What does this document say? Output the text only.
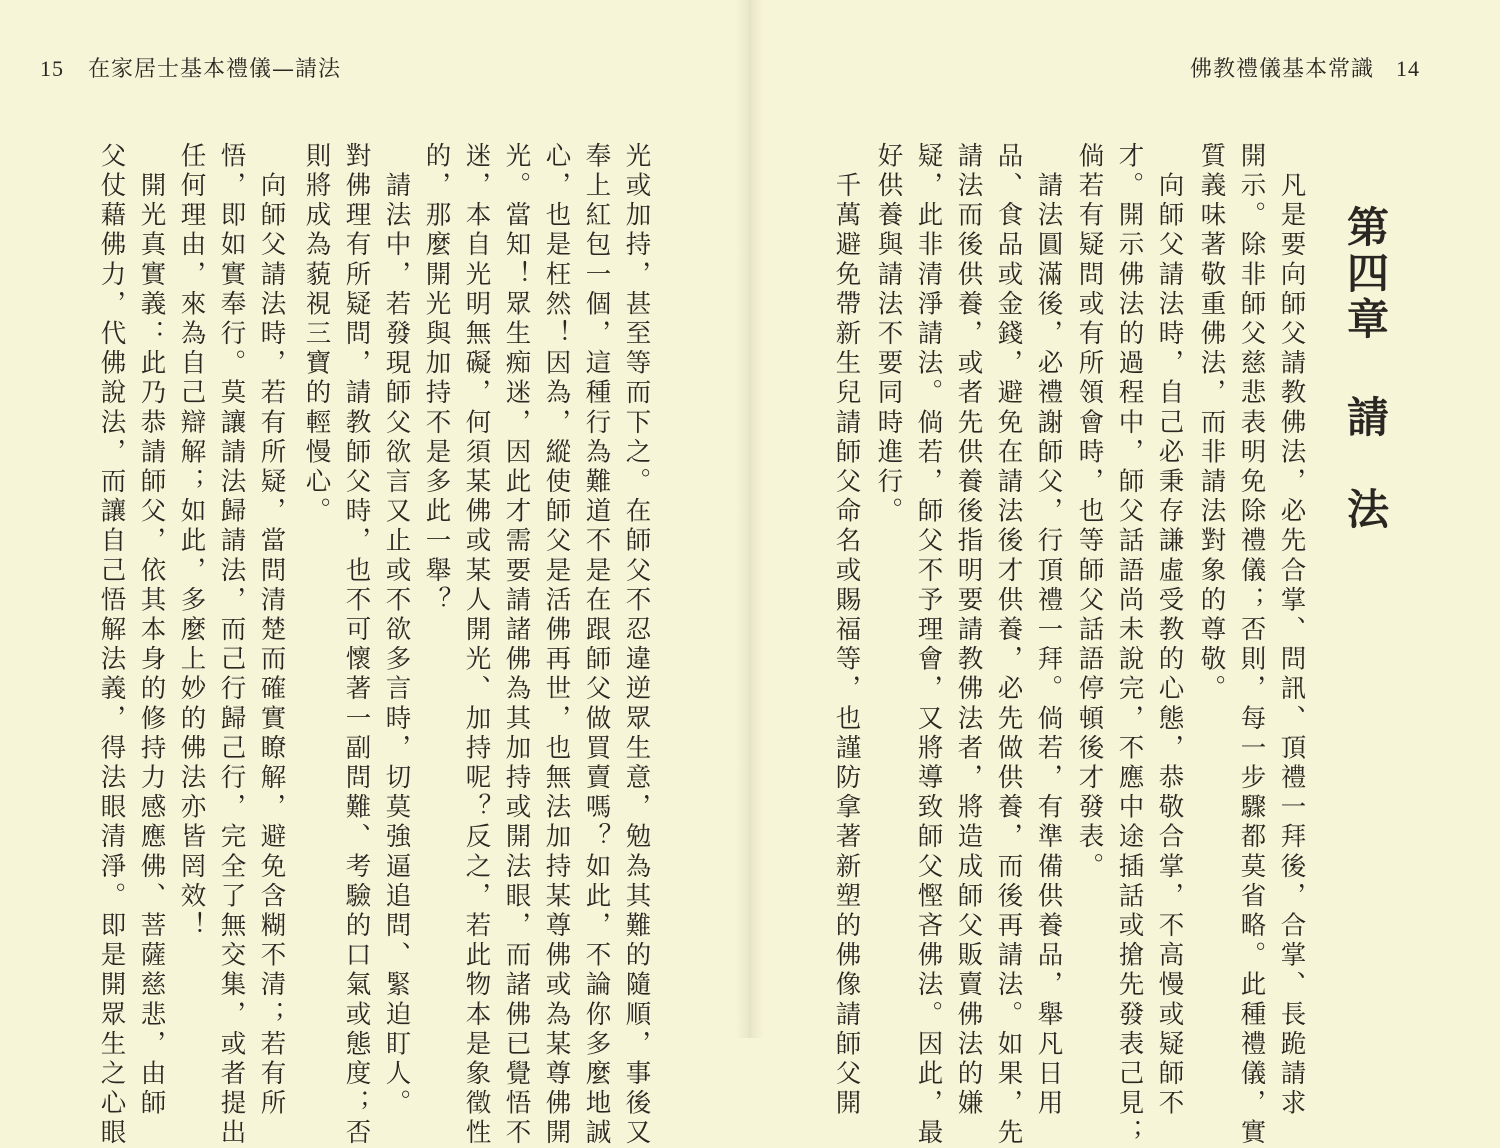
15 在家居士基本禮儀—請法
光或加持，甚至等而下之。在師父不忍違逆眾生意，勉為其難的隨順，事後又
奉上紅包一個，這種行為難道不是在跟師父做買賣嗎？如此，不論你多麼地誠
心，也是枉然！因為，縱使師父是活佛再世，也無法加持某尊佛或為某尊佛開
光。當知！眾生痴迷，因此才需要請諸佛為其加持或開法眼，而諸佛已覺悟不
迷，本自光明無礙，何須某佛或某人開光、加持呢？反之，若此物本是象徵性
的，那麼開光與加持不是多此一舉？
　請法中，若發現師父欲言又止或不欲多言時，切莫強逼追問、緊迫盯人。
對佛理有所疑問，請教師父時，也不可懷著一副問難、考驗的口氣或態度；否
則將成為藐視三寶的輕慢心。
　向師父請法時，若有所疑，當問清楚而確實瞭解，避免含糊不清；若有所
悟，即如實奉行。莫讓請法歸請法，而己行歸己行，完全了無交集，或者提出
任何理由，來為自己辯解；如此，多麼上妙的佛法亦皆罔效！
　開光真實義：此乃恭請師父，依其本身的修持力感應佛、菩薩慈悲，由師
父仗藉佛力，代佛說法，而讓自己悟解法義，得法眼清淨。即是開眾生之心眼
佛教禮儀基本常識 14
第四章請　法
　凡是要向師父請教佛法，必先合掌、問訊、頂禮一拜後，合掌、長跪請求
開示。除非師父慈悲表明免除禮儀；否則，每一步驟都莫省略。此種禮儀，實
質義味著敬重佛法，而非請法對象的尊敬。
　向師父請法時，自己必秉存謙虛受教的心態，恭敬合掌，不高慢或疑師不
才。開示佛法的過程中，師父話語尚未說完，不應中途插話或搶先發表己見；
倘若有疑問或有所領會時，也等師父話語停頓後才發表。
　請法圓滿後，必禮謝師父，行頂禮一拜。倘若，有準備供養品，舉凡日用
品、食品或金錢，避免在請法後才供養，必先做供養，而後再請法。如果，先
請法而後供養，或者先供養後指明要請教佛法者，將造成師父販賣佛法的嫌
疑，此非清淨請法。倘若，師父不予理會，又將導致師父慳吝佛法。因此，最
好供養與請法不要同時進行。
　千萬避免帶新生兒請師父命名或賜福等，也謹防拿著新塑的佛像請師父開
